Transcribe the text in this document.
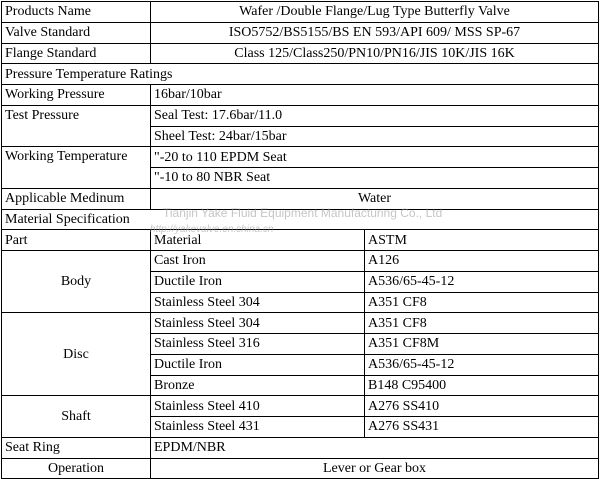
Products Name	Wafer /Double Flange/Lug Type Butterfly Valve	
Valve Standard	ISO5752/BS5155/BS EN 593/API 609/ MSS SP-67	
Flange Standard	Class 125/Class250/PN10/PN16/JIS 10K/JIS 16K	
Pressure Temperature Ratings		
Working Pressure	16bar/10bar	
Test Pressure	Seal Test: 17.6bar/11.0	
	Sheel Test: 24bar/15bar	
Working Temperature	"-20 to 110 EPDM Seat	
	"-10 to 80 NBR Seat	
Applicable Medinum	Water	
Material Specification		
Part	Material	ASTM
Body	Cast Iron	A126
	Ductile Iron	A536/65-45-12
	Stainless Steel 304	A351 CF8
Disc	Stainless Steel 304	A351 CF8
	Stainless Steel 316	A351 CF8M
	Ductile Iron	A536/65-45-12
	Bronze	B148 C95400
Shaft	Stainless Steel 410	A276 SS410
	Stainless Steel 431	A276 SS431
Seat Ring	EPDM/NBR	
Operation	Lever or Gear box	
Tianjin Yake Fluid Equipment Manufacturing Co., Ltd
http://yakevalve.en.china.cn
